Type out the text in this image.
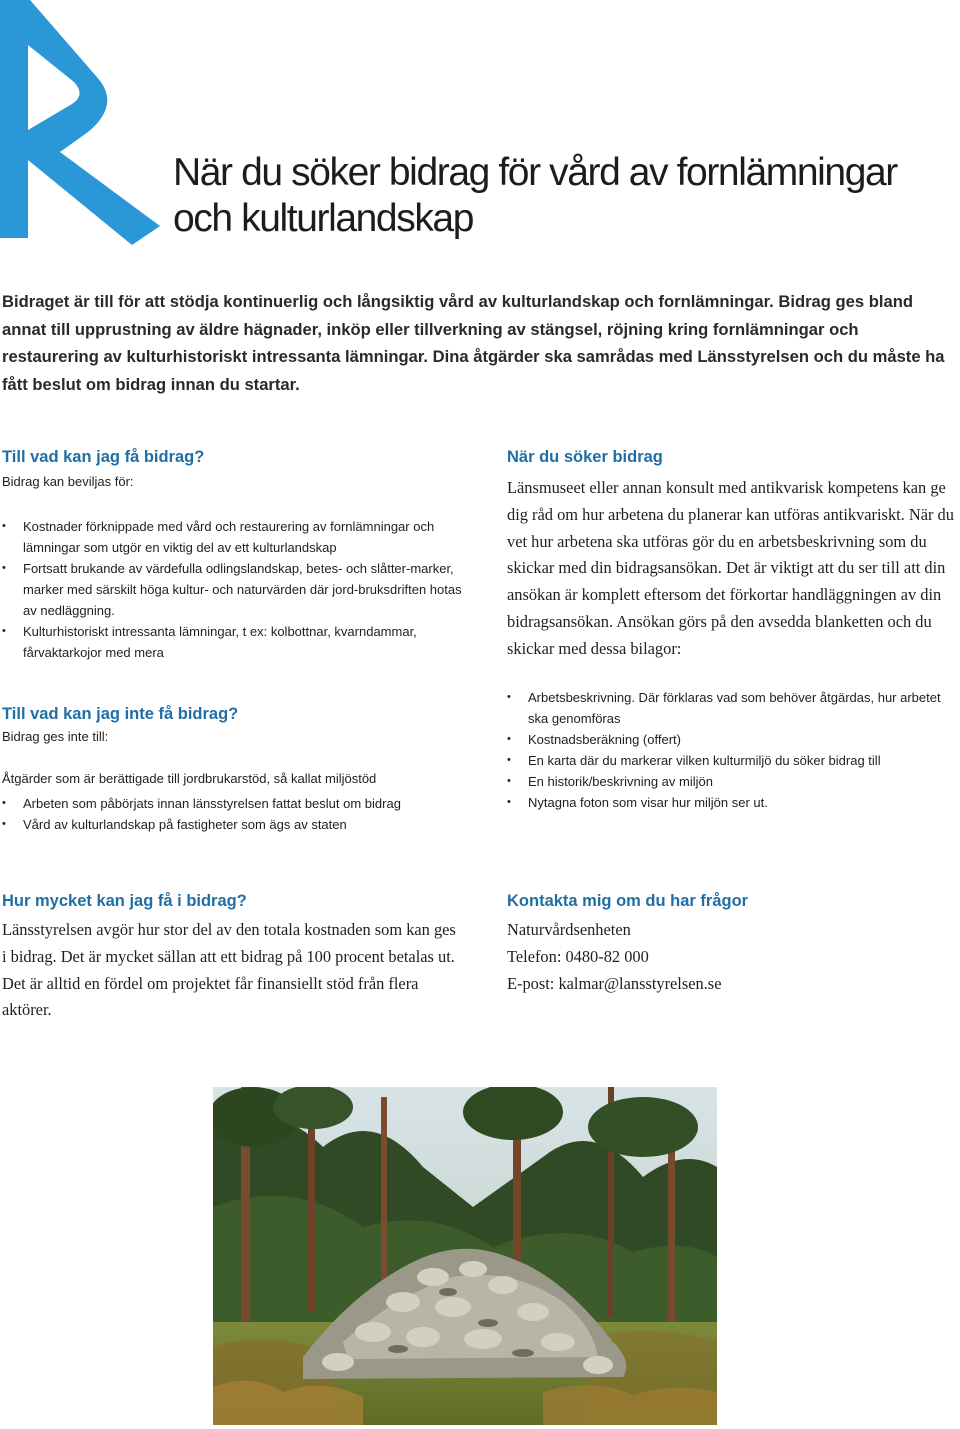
När du söker bidrag för vård av fornlämningar
och kulturlandskap

Bidraget är till för att stödja kontinuerlig och långsiktig vård av kulturlandskap och fornlämningar. Bidrag ges bland annat till upprustning av äldre hägnader, inköp eller tillverkning av stängsel, röjning kring fornlämningar och restaurering av kulturhistoriskt intressanta lämningar. Dina åtgärder ska samrådas med Länsstyrelsen och du måste ha fått beslut om bidrag innan du startar.

Till vad kan jag få bidrag?

Bidrag kan beviljas för:

• Kostnader förknippade med vård och restaurering av fornlämningar och lämningar som utgör en viktig del av ett kulturlandskap
• Fortsatt brukande av värdefulla odlingslandskap, betes- och slåtter-marker, marker med särskilt höga kultur- och naturvärden där jord-bruksdriften hotas av nedläggning.
• Kulturhistoriskt intressanta lämningar, t ex: kolbottnar, kvarndammar, fårvaktarkojor med mera
Till vad kan jag inte få bidrag?

Bidrag ges inte till:

Åtgärder som är berättigade till jordbrukarstöd, så kallat miljöstöd

• Arbeten som påbörjats innan länsstyrelsen fattat beslut om bidrag
• Vård av kulturlandskap på fastigheter som ägs av staten
När du söker bidrag

Länsmuseet eller annan konsult med antikvarisk kompetens kan ge dig råd om hur arbetena du planerar kan utföras antikvariskt. När du vet hur arbetena ska utföras gör du en arbetsbeskrivning som du skickar med din bidragsansökan. Det är viktigt att du ser till att din ansökan är komplett eftersom det förkortar handläggningen av din bidragsansökan. Ansökan görs på den avsedda blanketten och du skickar med dessa bilagor:

• Arbetsbeskrivning. Där förklaras vad som behöver åtgärdas, hur arbetet ska genomföras
• Kostnadsberäkning (offert)
• En karta där du markerar vilken kulturmiljö du söker bidrag till
• En historik/beskrivning av miljön
• Nytagna foton som visar hur miljön ser ut.
Hur mycket kan jag få i bidrag?

Länsstyrelsen avgör hur stor del av den totala kostnaden som kan ges i bidrag. Det är mycket sällan att ett bidrag på 100 procent betalas ut. Det är alltid en fördel om projektet får finansiellt stöd från flera aktörer.

Kontakta mig om du har frågor
Naturvårdsenheten
Telefon: 0480-82 000
E-post: kalmar@lansstyrelsen.se
